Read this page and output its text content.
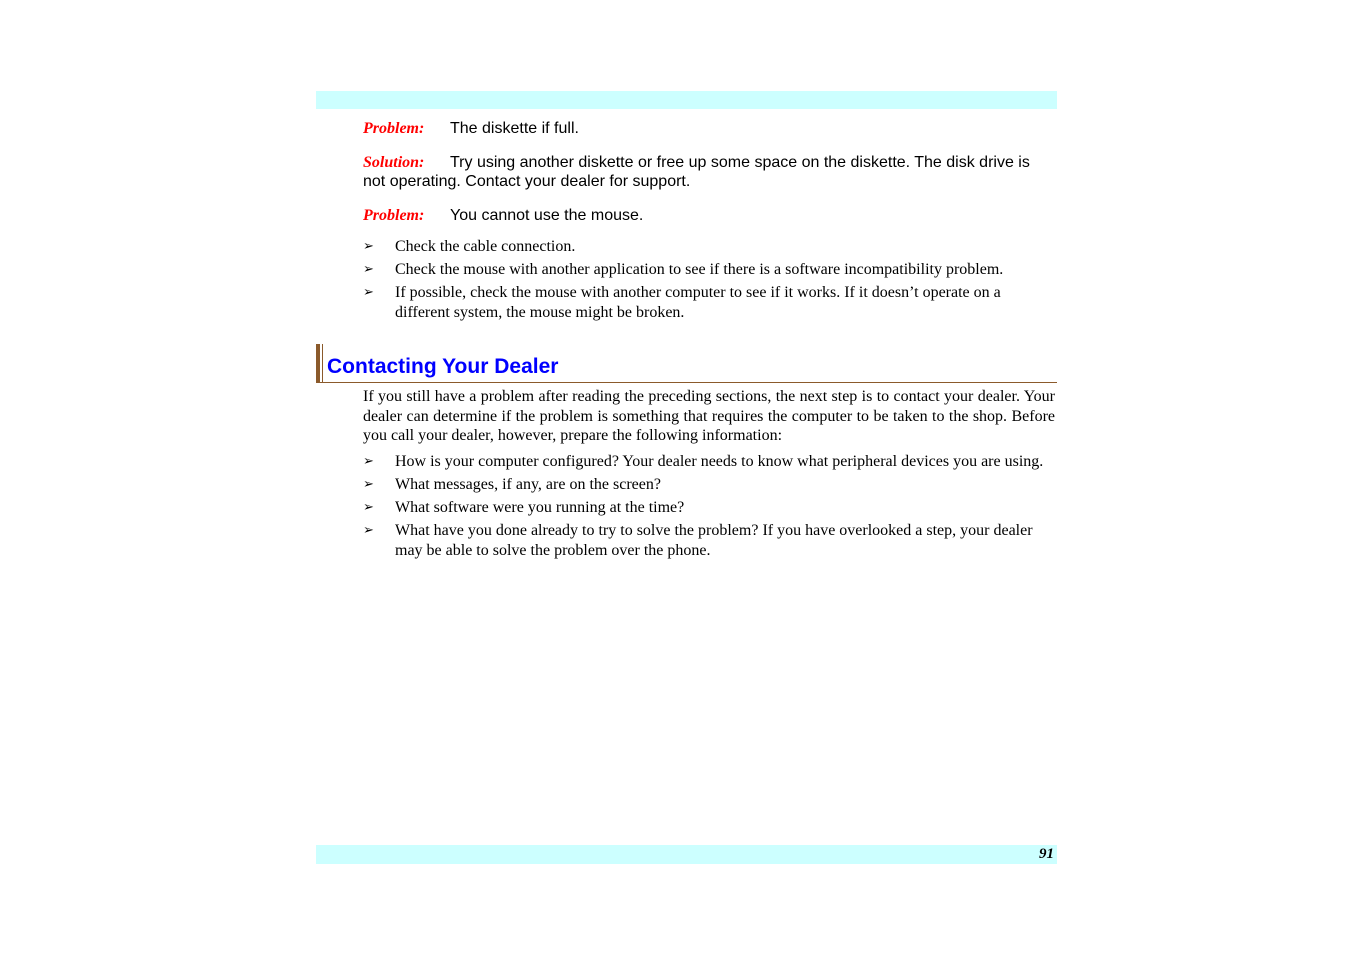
Problem: The diskette if full.

Solution: Try using another diskette or free up some space on the diskette. The disk drive is not operating. Contact your dealer for support.

Problem: You cannot use the mouse.

➢ Check the cable connection.
➢ Check the mouse with another application to see if there is a software incompatibility problem.
➢ If possible, check the mouse with another computer to see if it works. If it doesn’t operate on a different system, the mouse might be broken.
Contacting Your Dealer

If you still have a problem after reading the preceding sections, the next step is to contact your dealer. Your dealer can determine if the problem is something that requires the computer to be taken to the shop. Before you call your dealer, however, prepare the following information:

➢ How is your computer configured? Your dealer needs to know what peripheral devices you are using.
➢ What messages, if any, are on the screen?
➢ What software were you running at the time?
➢ What have you done already to try to solve the problem? If you have overlooked a step, your dealer may be able to solve the problem over the phone.
91
